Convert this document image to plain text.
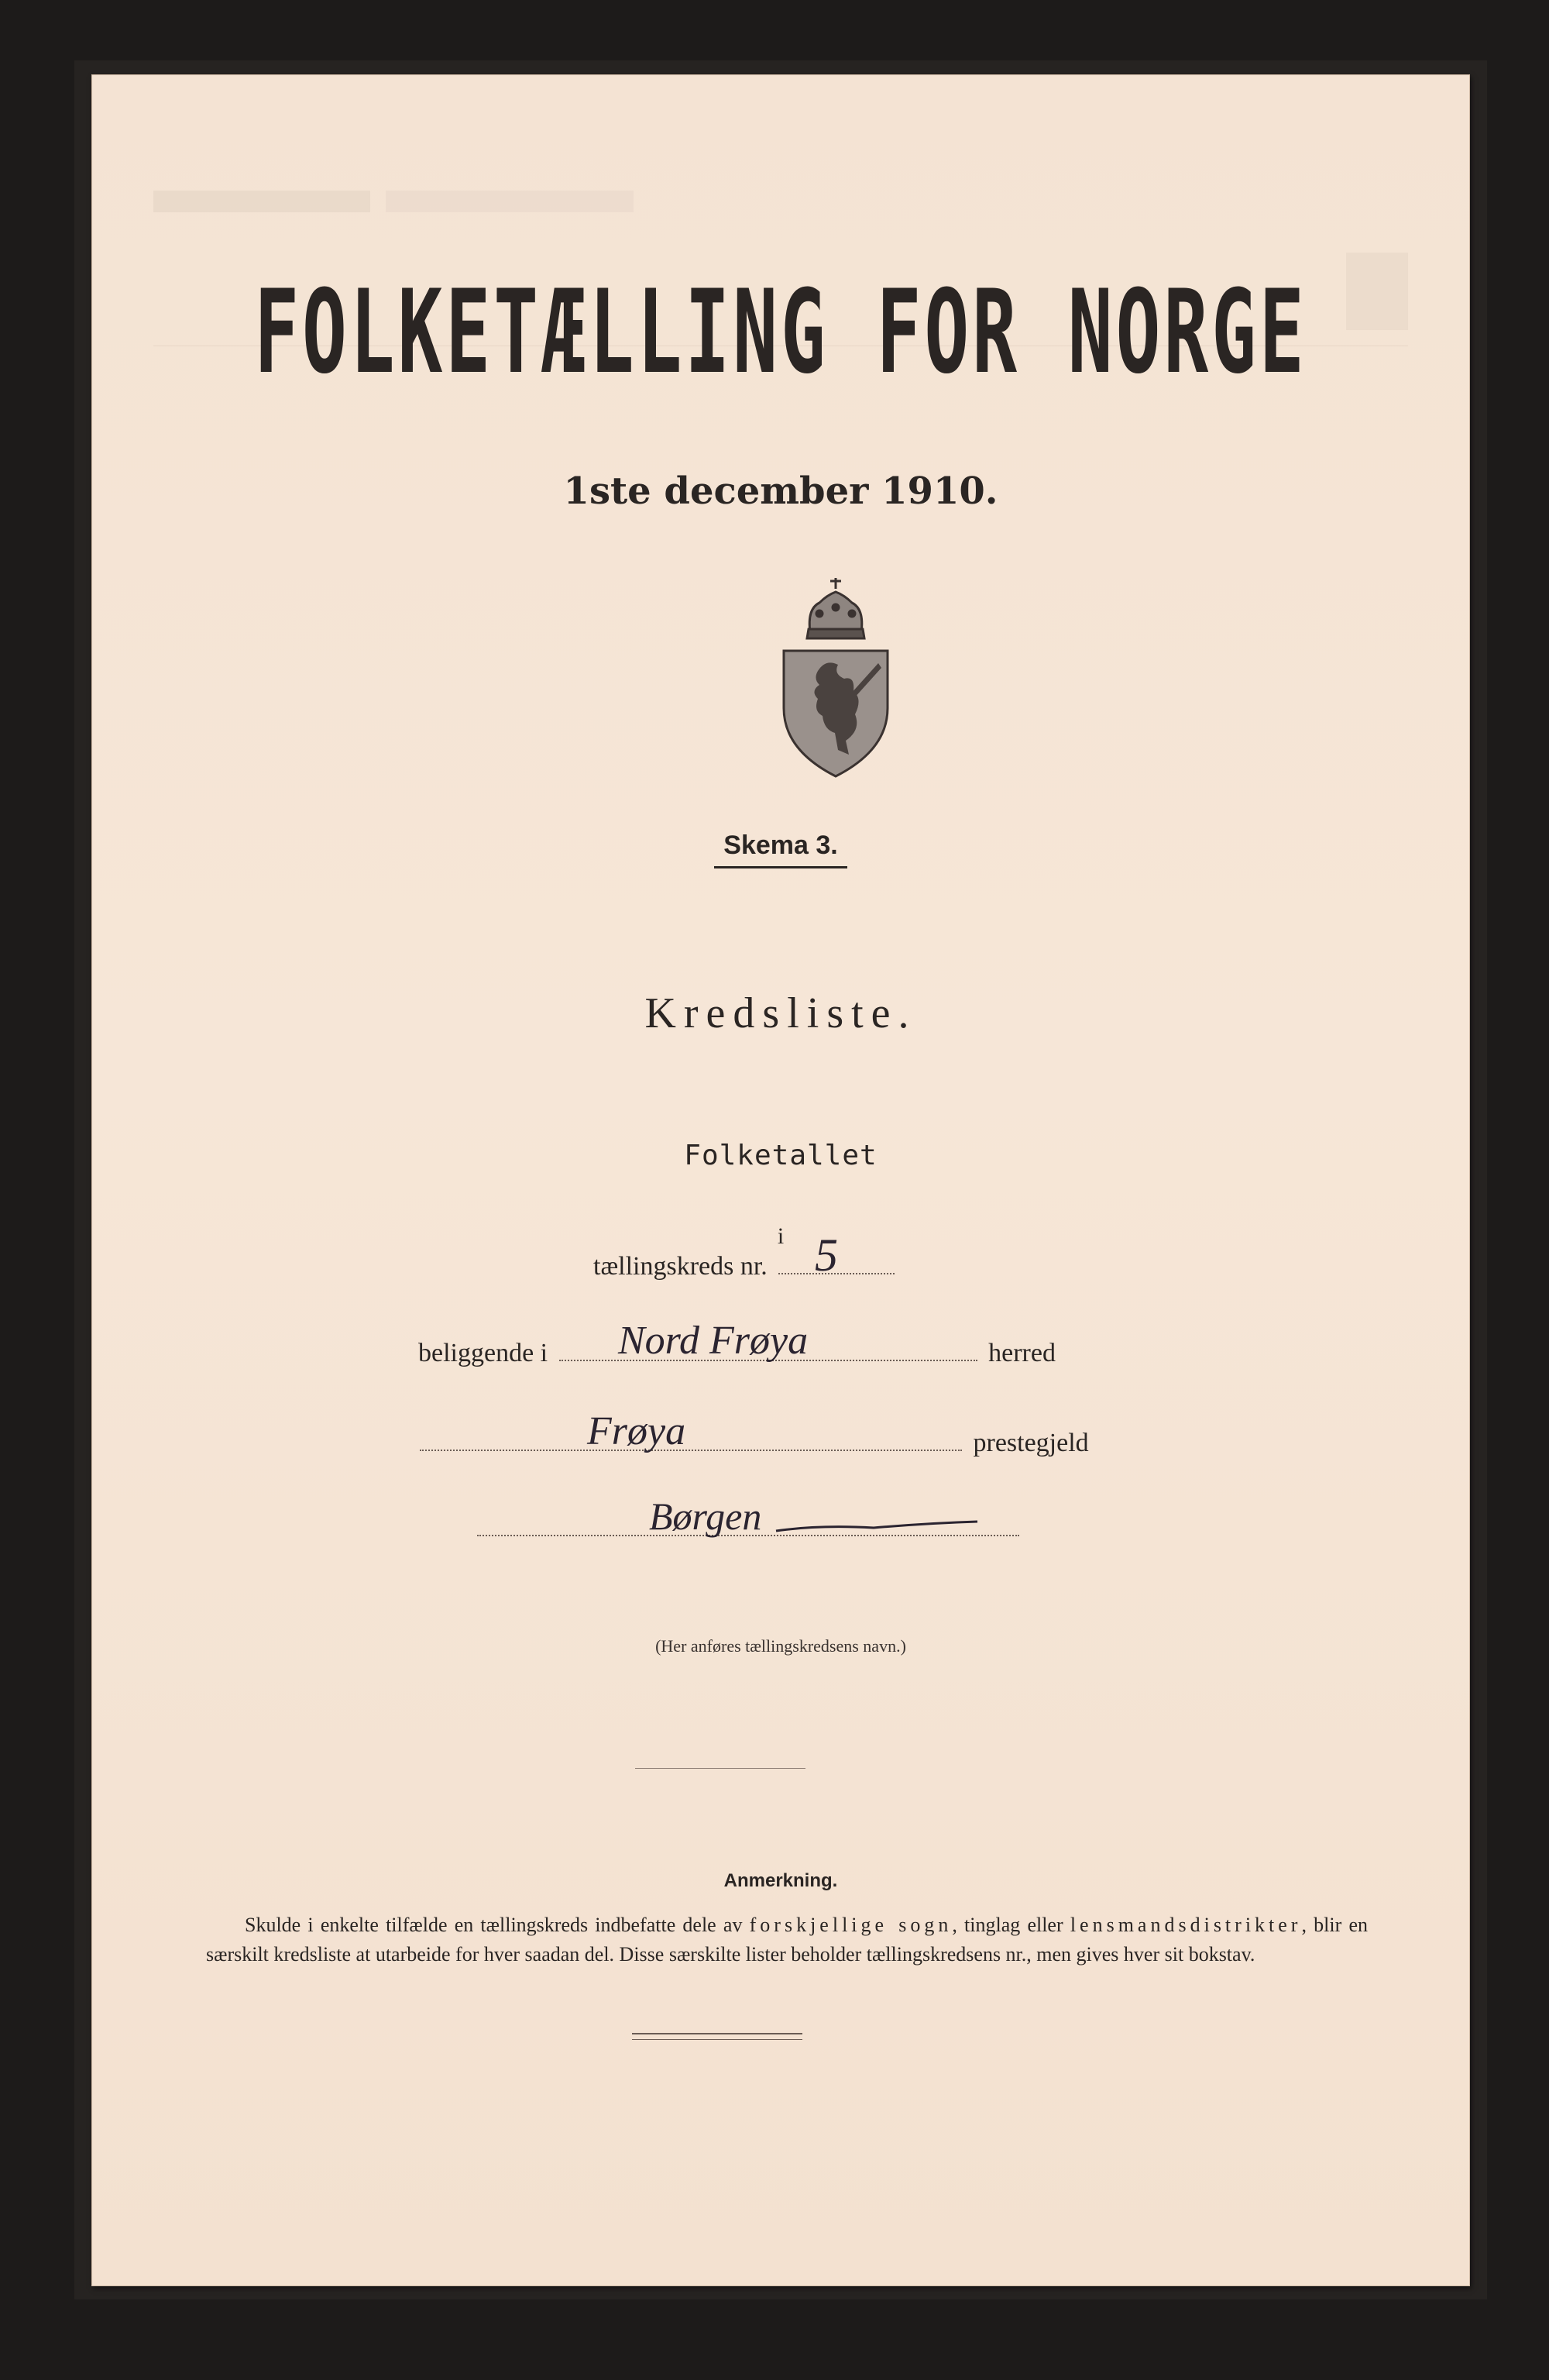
FOLKETÆLLING FOR NORGE
1ste december 1910.
Skema 3.
Kredsliste.
Folketallet
i
tællingskreds nr.	5
beliggende i	herred
Nord Frøya
prestegjeld
Frøya
Børgen
(Her anføres tællingskredsens navn.)
Anmerkning.
Skulde i enkelte tilfælde en tællingskreds indbefatte dele av forskjellige sogn, tinglag eller lensmandsdistrikter, blir en særskilt kredsliste at utarbeide for hver saadan del. Disse særskilte lister beholder tællingskredsens nr., men gives hver sit bokstav.
